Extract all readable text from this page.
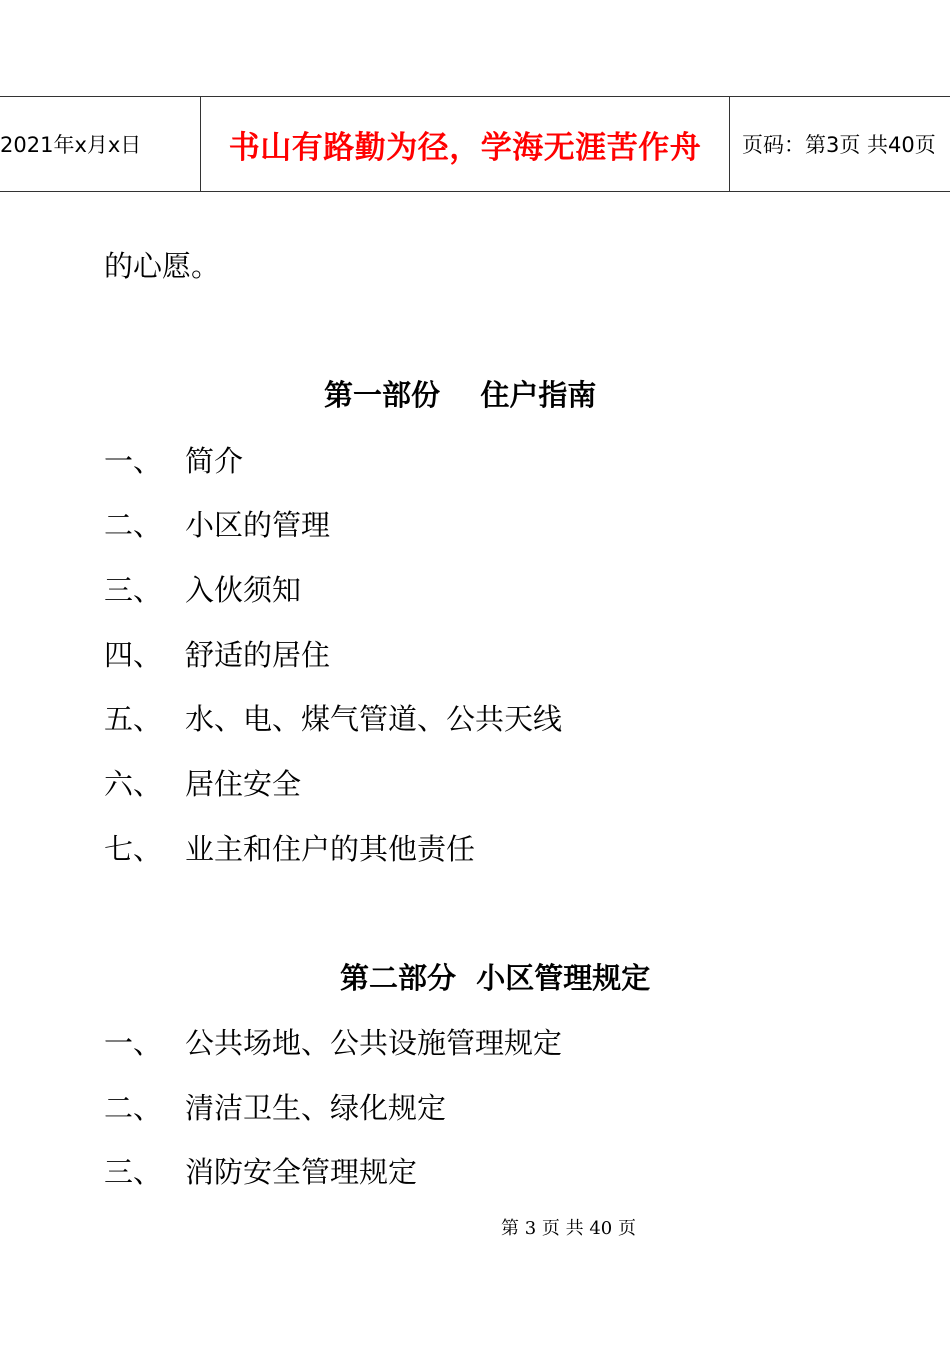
2021年x月x日	书山有路勤为径，学海无涯苦作舟	页码：第3页 共40页
的心愿。
第一部份    住户指南
一、 简介
二、 小区的管理
三、 入伙须知
四、 舒适的居住
五、 水、电、煤气管道、公共天线
六、 居住安全
七、 业主和住户的其他责任
第二部分  小区管理规定
一、 公共场地、公共设施管理规定
二、 清洁卫生、绿化规定
三、 消防安全管理规定
第 3 页 共 40 页
